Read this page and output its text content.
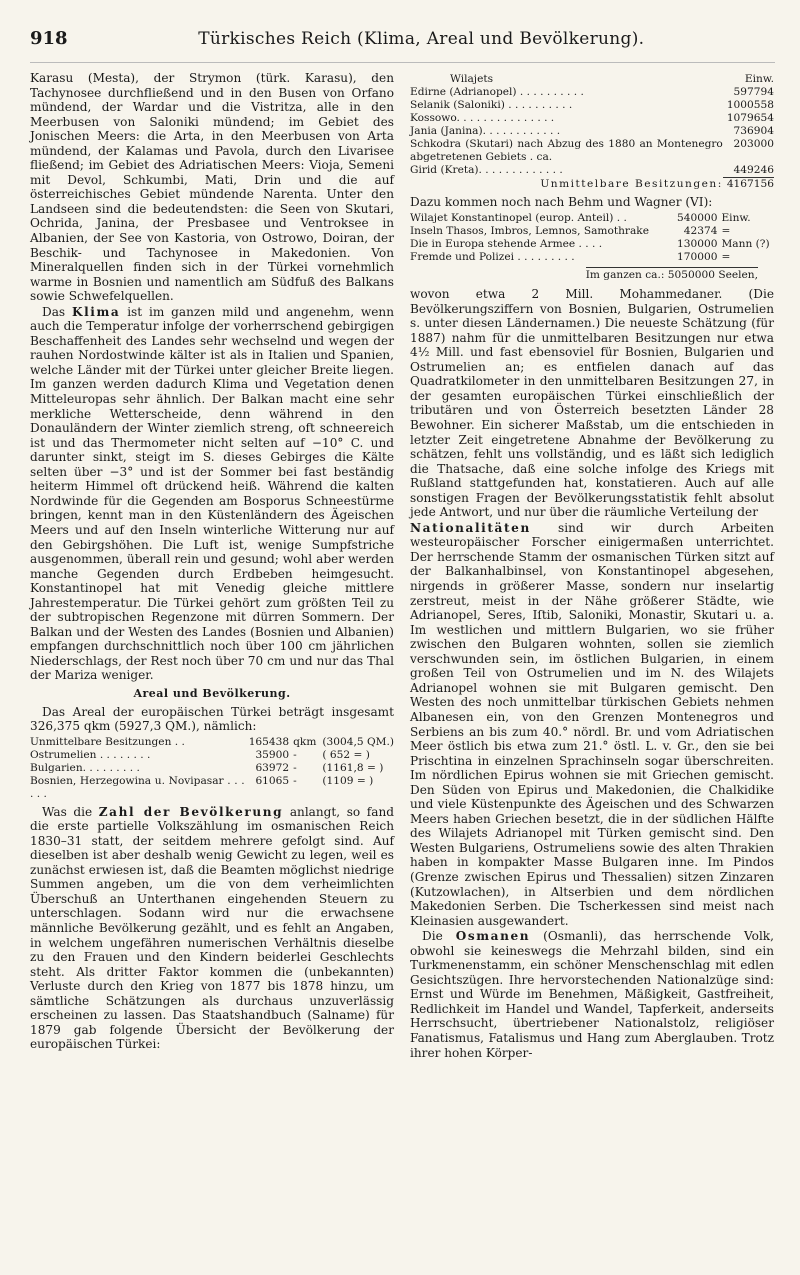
918	Türkisches Reich (Klima, Areal und Bevölkerung).

Karasu (Mesta), der Strymon (türk. Karasu), den Tachynosee durchfließend und in den Busen von Orfano mündend, der Wardar und die Vistritza, alle in den Meerbusen von Saloniki mündend; im Gebiet des Jonischen Meers: die Arta, in den Meerbusen von Arta mündend, der Kalamas und Pavola, durch den Livarisee fließend; im Gebiet des Adriatischen Meers: Vioja, Semeni mit Devol, Schkumbi, Mati, Drin und die auf österreichisches Gebiet mündende Narenta. Unter den Landseen sind die bedeutendsten: die Seen von Skutari, Ochrida, Janina, der Presbasee und Ventroksee in Albanien, der See von Kastoria, von Ostrowo, Doiran, der Beschik- und Tachynosee in Makedonien. Von Mineralquellen finden sich in der Türkei vornehmlich warme in Bosnien und namentlich am Südfuß des Balkans sowie Schwefelquellen.

Das Klima ist im ganzen mild und angenehm, wenn auch die Temperatur infolge der vorherrschend gebirgigen Beschaffenheit des Landes sehr wechselnd und wegen der rauhen Nordostwinde kälter ist als in Italien und Spanien, welche Länder mit der Türkei unter gleicher Breite liegen. Im ganzen werden dadurch Klima und Vegetation denen Mitteleuropas sehr ähnlich. Der Balkan macht eine sehr merkliche Wetterscheide, denn während in den Donauländern der Winter ziemlich streng, oft schneereich ist und das Thermometer nicht selten auf −10° C. und darunter sinkt, steigt im S. dieses Gebirges die Kälte selten über −3° und ist der Sommer bei fast beständig heiterm Himmel oft drückend heiß. Während die kalten Nordwinde für die Gegenden am Bosporus Schneestürme bringen, kennt man in den Küstenländern des Ägeischen Meers und auf den Inseln winterliche Witterung nur auf den Gebirgshöhen. Die Luft ist, wenige Sumpfstriche ausgenommen, überall rein und gesund; wohl aber werden manche Gegenden durch Erdbeben heimgesucht. Konstantinopel hat mit Venedig gleiche mittlere Jahrestemperatur. Die Türkei gehört zum größten Teil zu der subtropischen Regenzone mit dürren Sommern. Der Balkan und der Westen des Landes (Bosnien und Albanien) empfangen durchschnittlich noch über 100 cm jährlichen Niederschlags, der Rest noch über 70 cm und nur das Thal der Mariza weniger.

Areal und Bevölkerung.

Das Areal der europäischen Türkei beträgt insgesamt 326,375 qkm (5927,3 QM.), nämlich:

Unmittelbare Besitzungen . .	165438	qkm	(3004,5 QM.)
Ostrumelien . . . . . . . .	35900	-	( 652 = )
Bulgarien. . . . . . . . .	63972	-	(1161,8 = )
Bosnien, Herzegowina u. Novipasar . . . . . .	61065	-	(1109 = )

Was die Zahl der Bevölkerung anlangt, so fand die erste partielle Volkszählung im osmanischen Reich 1830–31 statt, der seitdem mehrere gefolgt sind. Auf dieselben ist aber deshalb wenig Gewicht zu legen, weil es zunächst erwiesen ist, daß die Beamten möglichst niedrige Summen angeben, um die von dem verheimlichten Überschuß an Unterthanen eingehenden Steuern zu unterschlagen. Sodann wird nur die erwachsene männliche Bevölkerung gezählt, und es fehlt an Angaben, in welchem ungefähren numerischen Verhältnis dieselbe zu den Frauen und den Kindern beiderlei Geschlechts steht. Als dritter Faktor kommen die (unbekannten) Verluste durch den Krieg von 1877 bis 1878 hinzu, um sämtliche Schätzungen als durchaus unzuverlässig erscheinen zu lassen. Das Staatshandbuch (Salname) für 1879 gab folgende Übersicht der Bevölkerung der europäischen Türkei:

Wilajets	Einw.
Edirne (Adrianopel) . . . . . . . . . .	597794
Selanik (Saloniki) . . . . . . . . . .	1000558
Kossowo. . . . . . . . . . . . . . .	1079654
Jania (Janina). . . . . . . . . . . .	736904
Schkodra (Skutari) nach Abzug des 1880 an Montenegro abgetretenen Gebiets . ca.	203000
Girid (Kreta). . . . . . . . . . . . .	449246
Unmittelbare Besitzungen:	4167156

Dazu kommen noch nach Behm und Wagner (VI):

Wilajet Konstantinopel (europ. Anteil) . .	540000	Einw.
Inseln Thasos, Imbros, Lemnos, Samothrake	42374	=
Die in Europa stehende Armee . . . .	130000	Mann (?)
Fremde und Polizei . . . . . . . . .	170000	=
Im ganzen ca.: 5050000 Seelen,

wovon etwa 2 Mill. Mohammedaner. (Die Bevölkerungsziffern von Bosnien, Bulgarien, Ostrumelien s. unter diesen Ländernamen.) Die neueste Schätzung (für 1887) nahm für die unmittelbaren Besitzungen nur etwa 4½ Mill. und fast ebensoviel für Bosnien, Bulgarien und Ostrumelien an; es entfielen danach auf das Quadratkilometer in den unmittelbaren Besitzungen 27, in der gesamten europäischen Türkei einschließlich der tributären und von Österreich besetzten Länder 28 Bewohner. Ein sicherer Maßstab, um die entschieden in letzter Zeit eingetretene Abnahme der Bevölkerung zu schätzen, fehlt uns vollständig, und es läßt sich lediglich die Thatsache, daß eine solche infolge des Kriegs mit Rußland stattgefunden hat, konstatieren. Auch auf alle sonstigen Fragen der Bevölkerungsstatistik fehlt absolut jede Antwort, und nur über die räumliche Verteilung der

Nationalitäten sind wir durch Arbeiten westeuropäischer Forscher einigermaßen unterrichtet. Der herrschende Stamm der osmanischen Türken sitzt auf der Balkanhalbinsel, von Konstantinopel abgesehen, nirgends in größerer Masse, sondern nur inselartig zerstreut, meist in der Nähe größerer Städte, wie Adrianopel, Seres, Iſtib, Saloniki, Monastir, Skutari u. a. Im westlichen und mittlern Bulgarien, wo sie früher zwischen den Bulgaren wohnten, sollen sie ziemlich verschwunden sein, im östlichen Bulgarien, in einem großen Teil von Ostrumelien und im N. des Wilajets Adrianopel wohnen sie mit Bulgaren gemischt. Den Westen des noch unmittelbar türkischen Gebiets nehmen Albanesen ein, von den Grenzen Montenegros und Serbiens an bis zum 40.° nördl. Br. und vom Adriatischen Meer östlich bis etwa zum 21.° östl. L. v. Gr., den sie bei Prischtina in einzelnen Sprachinseln sogar überschreiten. Im nördlichen Epirus wohnen sie mit Griechen gemischt. Den Süden von Epirus und Makedonien, die Chalkidike und viele Küstenpunkte des Ägeischen und des Schwarzen Meers haben Griechen besetzt, die in der südlichen Hälfte des Wilajets Adrianopel mit Türken gemischt sind. Den Westen Bulgariens, Ostrumeliens sowie des alten Thrakien haben in kompakter Masse Bulgaren inne. Im Pindos (Grenze zwischen Epirus und Thessalien) sitzen Zinzaren (Kutzowlachen), in Altserbien und dem nördlichen Makedonien Serben. Die Tscherkessen sind meist nach Kleinasien ausgewandert.

Die Osmanen (Osmanli), das herrschende Volk, obwohl sie keineswegs die Mehrzahl bilden, sind ein Turkmenenstamm, ein schöner Menschenschlag mit edlen Gesichtszügen. Ihre hervorstechenden Nationalzüge sind: Ernst und Würde im Benehmen, Mäßigkeit, Gastfreiheit, Redlichkeit im Handel und Wandel, Tapferkeit, anderseits Herrschsucht, übertriebener Nationalstolz, religiöser Fanatismus, Fatalismus und Hang zum Aberglauben. Trotz ihrer hohen Körper-
